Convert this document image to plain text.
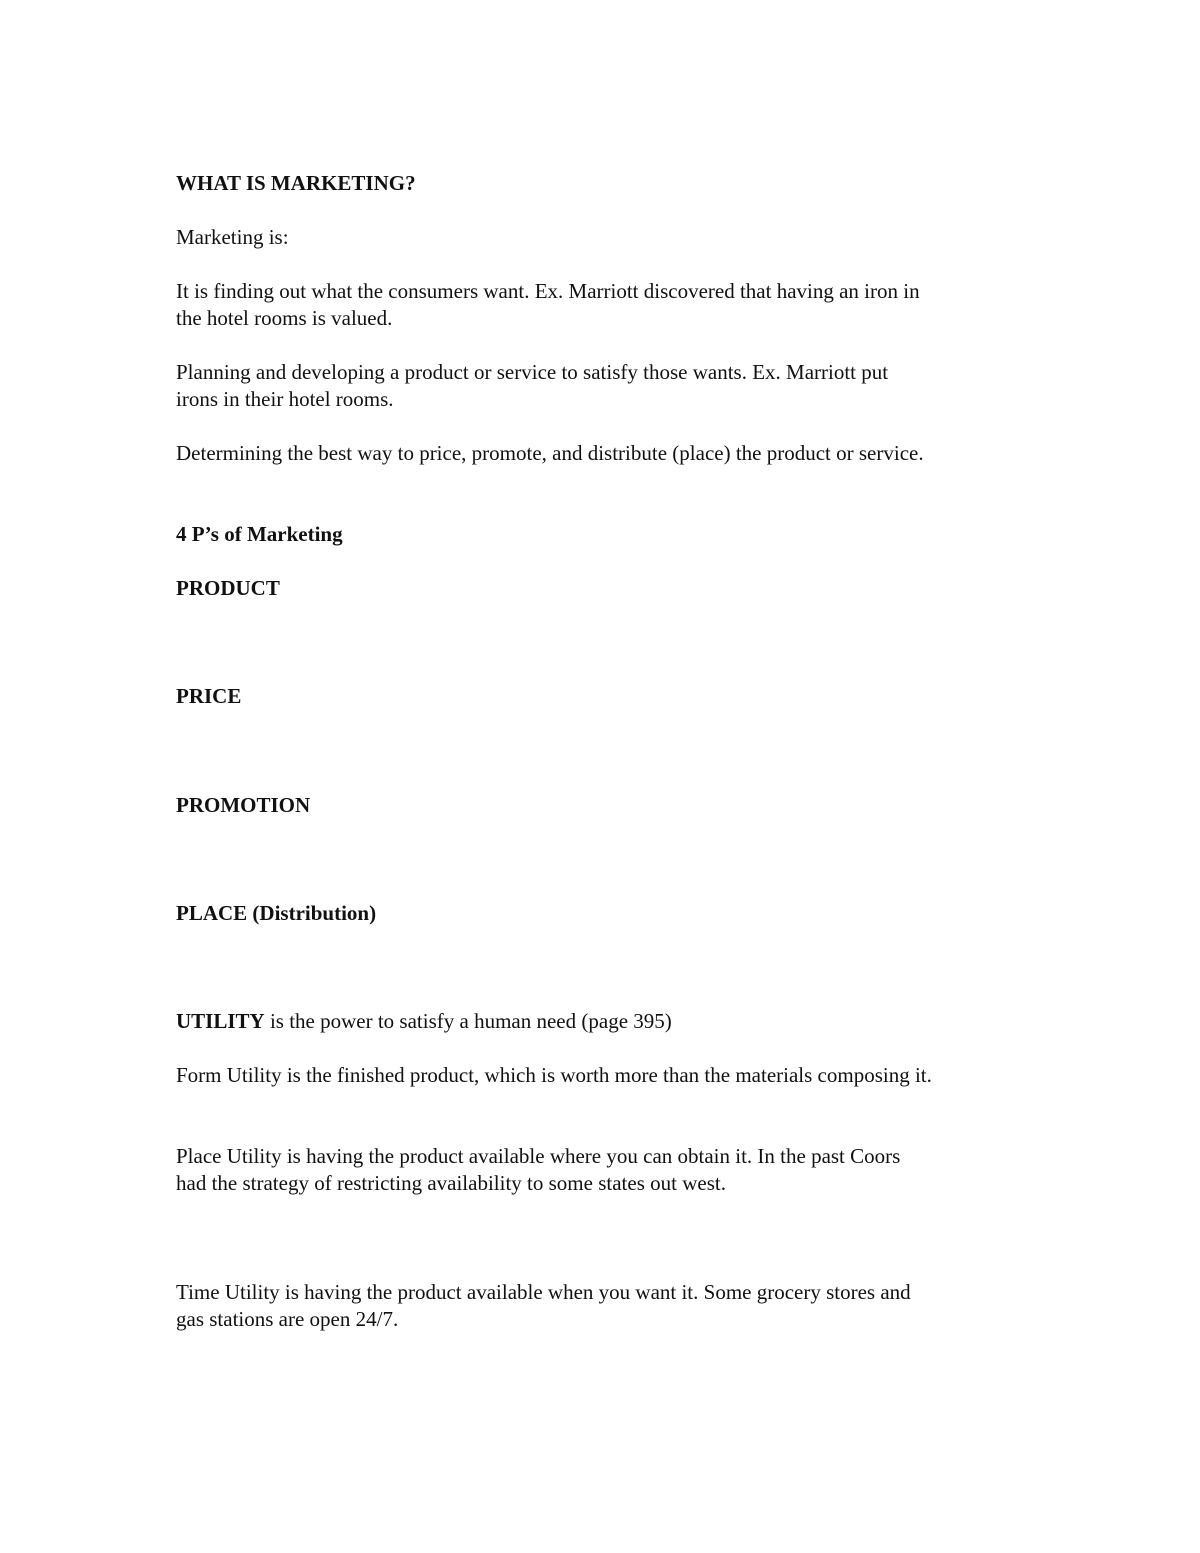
WHAT IS MARKETING?

Marketing is:

It is finding out what the consumers want. Ex. Marriott discovered that having an iron in

the hotel rooms is valued.

Planning and developing a product or service to satisfy those wants. Ex. Marriott put

irons in their hotel rooms.

Determining the best way to price, promote, and distribute (place) the product or service.

4 P’s of Marketing

PRODUCT

PRICE

PROMOTION

PLACE (Distribution)

UTILITY is the power to satisfy a human need (page 395)

Form Utility is the finished product, which is worth more than the materials composing it.

Place Utility is having the product available where you can obtain it. In the past Coors

had the strategy of restricting availability to some states out west.

Time Utility is having the product available when you want it. Some grocery stores and

gas stations are open 24/7.
